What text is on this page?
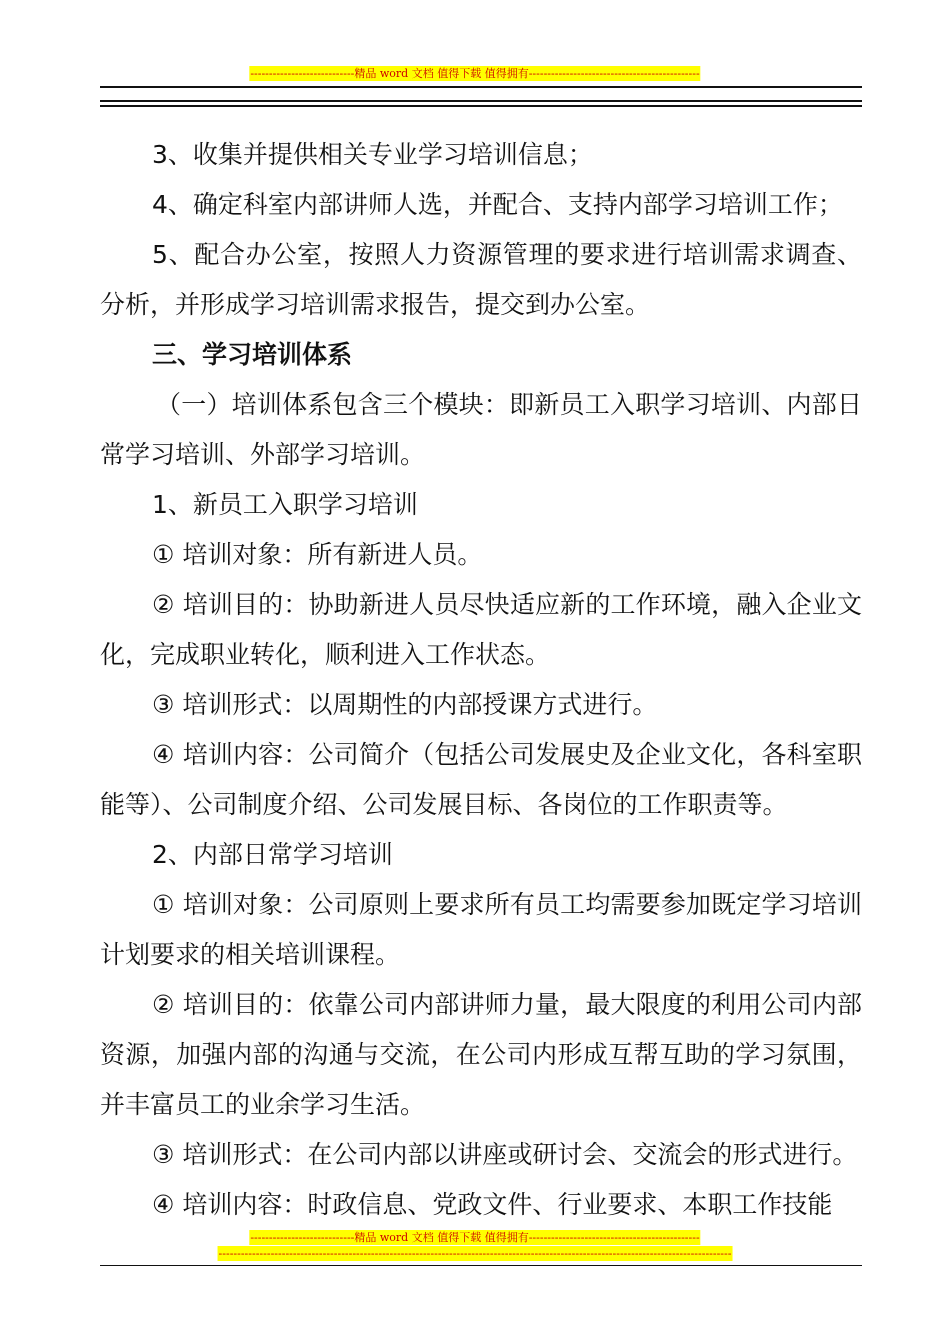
----------------------------精品 word 文档 值得下载 值得拥有----------------------------------------------

3、收集并提供相关专业学习培训信息；

4、确定科室内部讲师人选，并配合、支持内部学习培训工作；

5、配合办公室，按照人力资源管理的要求进行培训需求调查、分析，并形成学习培训需求报告，提交到办公室。

三、学习培训体系

（一）培训体系包含三个模块：即新员工入职学习培训、内部日常学习培训、外部学习培训。

1、新员工入职学习培训

① 培训对象：所有新进人员。

② 培训目的：协助新进人员尽快适应新的工作环境，融入企业文化，完成职业转化，顺利进入工作状态。

③ 培训形式：以周期性的内部授课方式进行。

④ 培训内容：公司简介（包括公司发展史及企业文化，各科室职能等）、公司制度介绍、公司发展目标、各岗位的工作职责等。

2、内部日常学习培训

① 培训对象：公司原则上要求所有员工均需要参加既定学习培训计划要求的相关培训课程。

② 培训目的：依靠公司内部讲师力量，最大限度的利用公司内部资源，加强内部的沟通与交流，在公司内形成互帮互助的学习氛围，并丰富员工的业余学习生活。

③ 培训形式：在公司内部以讲座或研讨会、交流会的形式进行。

④ 培训内容：时政信息、党政文件、行业要求、本职工作技能

----------------------------精品 word 文档 值得下载 值得拥有----------------------------------------------
------------------------------------------------------------------------------------------------------------------------------------------
